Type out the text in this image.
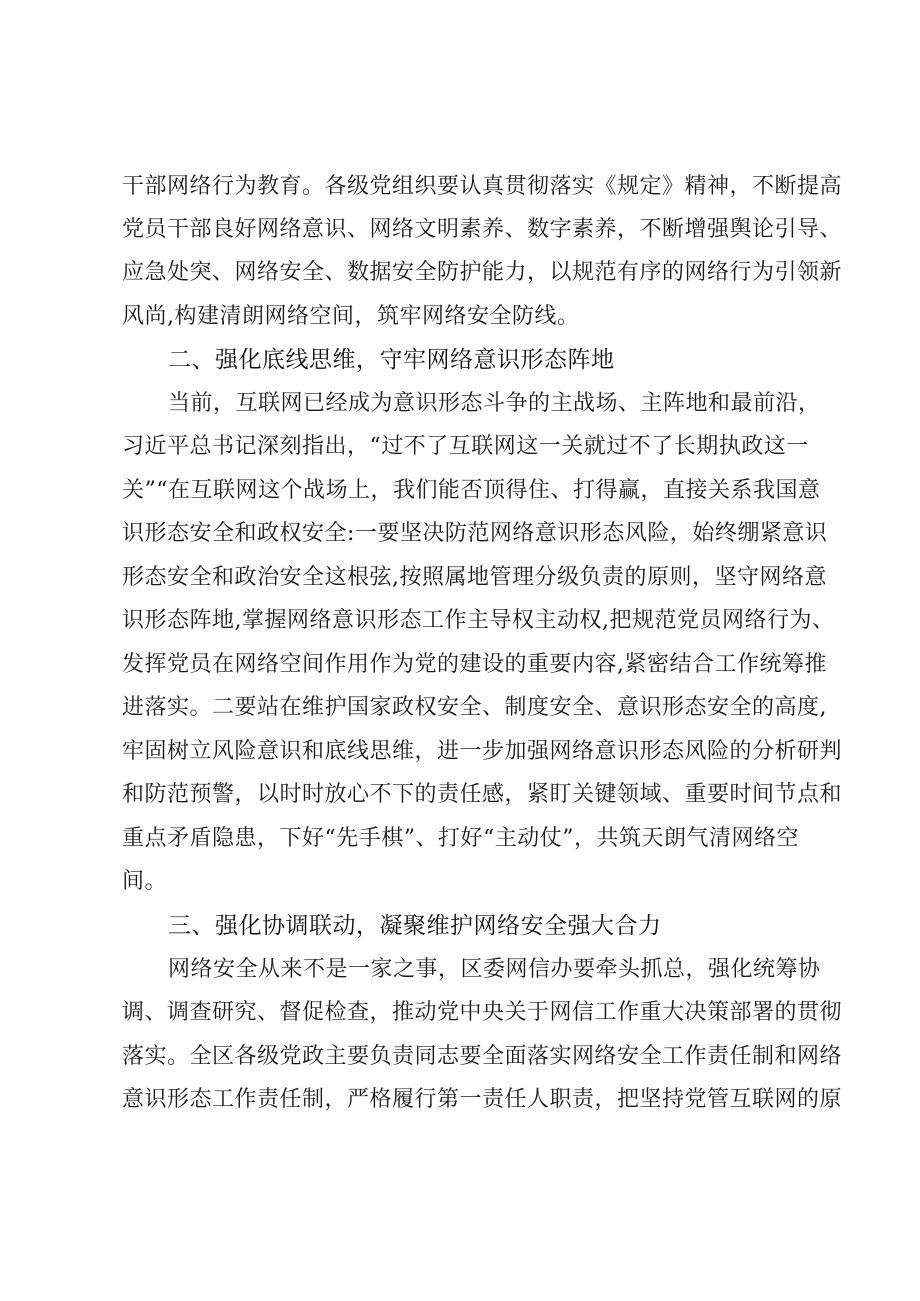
干部网络行为教育。各级党组织要认真贯彻落实《规定》精神，不断提高
党员干部良好网络意识、网络文明素养、数字素养，不断增强舆论引导、
应急处突、网络安全、数据安全防护能力，以规范有序的网络行为引领新
风尚,构建清朗网络空间，筑牢网络安全防线。
二、强化底线思维，守牢网络意识形态阵地
当前，互联网已经成为意识形态斗争的主战场、主阵地和最前沿，
习近平总书记深刻指出，“过不了互联网这一关就过不了长期执政这一
关”“在互联网这个战场上，我们能否顶得住、打得赢，直接关系我国意
识形态安全和政权安全:一要坚决防范网络意识形态风险，始终绷紧意识
形态安全和政治安全这根弦,按照属地管理分级负责的原则，坚守网络意
识形态阵地,掌握网络意识形态工作主导权主动权,把规范党员网络行为、
发挥党员在网络空间作用作为党的建设的重要内容,紧密结合工作统筹推
进落实。二要站在维护国家政权安全、制度安全、意识形态安全的高度,
牢固树立风险意识和底线思维，进一步加强网络意识形态风险的分析研判
和防范预警，以时时放心不下的责任感，紧盯关键领域、重要时间节点和
重点矛盾隐患，下好“先手棋”、打好“主动仗”，共筑天朗气清网络空
间。
三、强化协调联动，凝聚维护网络安全强大合力
网络安全从来不是一家之事，区委网信办要牵头抓总，强化统筹协
调、调查研究、督促检查，推动党中央关于网信工作重大决策部署的贯彻
落实。全区各级党政主要负责同志要全面落实网络安全工作责任制和网络
意识形态工作责任制，严格履行第一责任人职责，把坚持党管互联网的原
